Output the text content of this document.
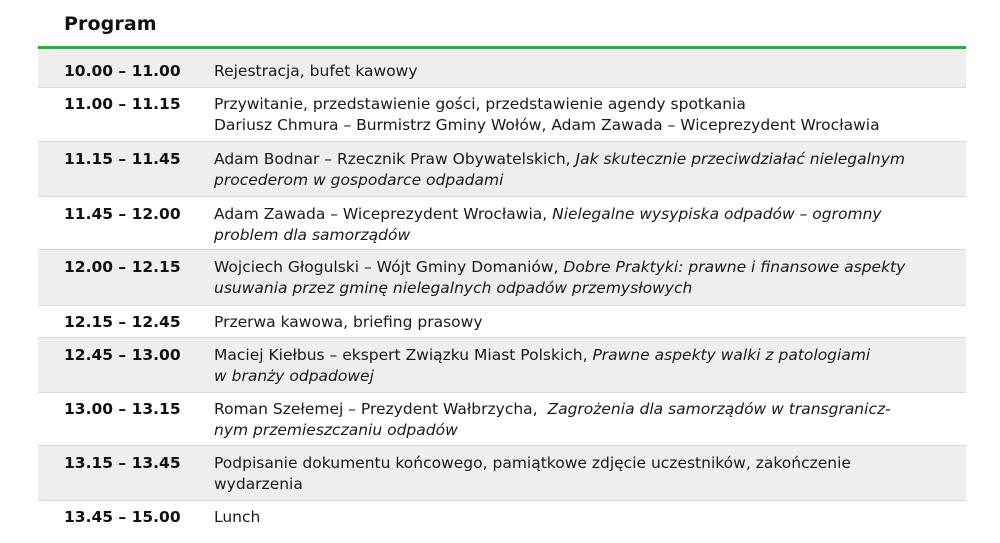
Program
10.00 – 11.00	Rejestracja, bufet kawowy
11.00 – 11.15	Przywitanie, przedstawienie gości, przedstawienie agendy spotkania
Dariusz Chmura – Burmistrz Gminy Wołów, Adam Zawada – Wiceprezydent Wrocławia
11.15 – 11.45	Adam Bodnar – Rzecznik Praw Obywatelskich, Jak skutecznie przeciwdziałać nielegalnym
procederom w gospodarce odpadami
11.45 – 12.00	Adam Zawada – Wiceprezydent Wrocławia, Nielegalne wysypiska odpadów – ogromny
problem dla samorządów
12.00 – 12.15	Wojciech Głogulski – Wójt Gminy Domaniów, Dobre Praktyki: prawne i finansowe aspekty
usuwania przez gminę nielegalnych odpadów przemysłowych
12.15 – 12.45	Przerwa kawowa, briefing prasowy
12.45 – 13.00	Maciej Kiełbus – ekspert Związku Miast Polskich, Prawne aspekty walki z patologiami
w branży odpadowej
13.00 – 13.15	Roman Szełemej – Prezydent Wałbrzycha,  Zagrożenia dla samorządów w transgranicz-
nym przemieszczaniu odpadów
13.15 – 13.45	Podpisanie dokumentu końcowego, pamiątkowe zdjęcie uczestników, zakończenie
wydarzenia
13.45 – 15.00	Lunch
